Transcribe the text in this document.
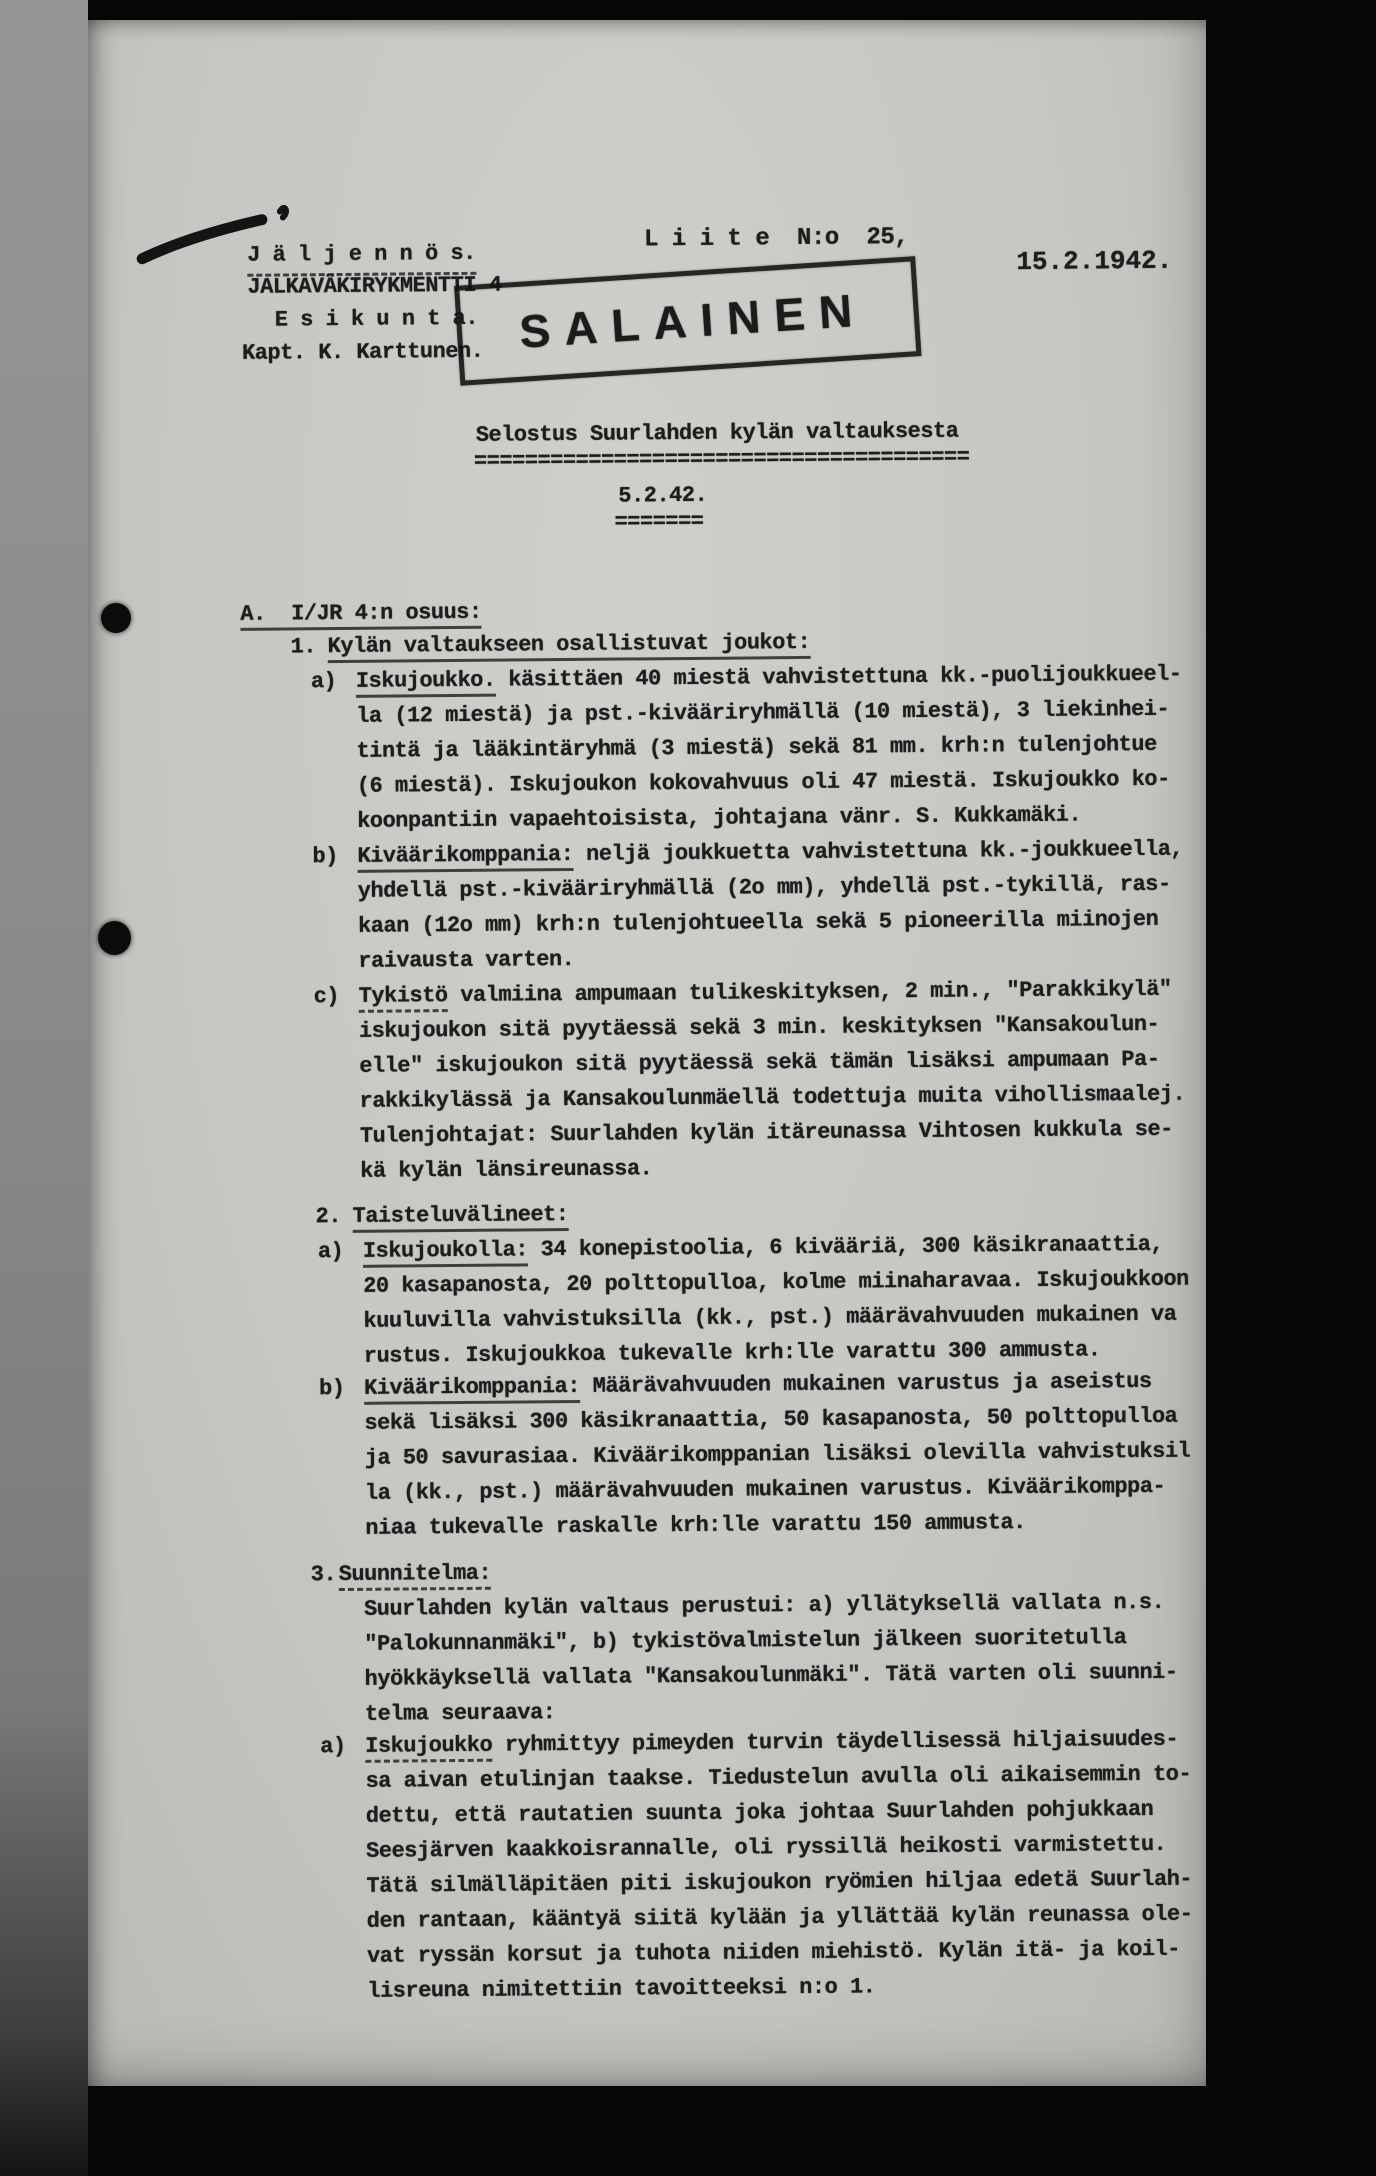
J ä l j e n n ö s.
JALKAVÄKIRYKMENTTI 4
E s i k u n t a.
Kapt. K. Karttunen.
L i i t e  N:o  25,
15.2.1942.
SALAINEN
Selostus Suurlahden kylän valtauksesta
=======================================
5.2.42.
=======
A.  I/JR 4:n osuus:
1. Kylän valtaukseen osallistuvat joukot:
a) Iskujoukko. käsittäen 40 miestä vahvistettuna kk.-puolijoukkueel-
la (12 miestä) ja pst.-kivääriryhmällä (10 miestä), 3 liekinhei-
tintä ja lääkintäryhmä (3 miestä) sekä 81 mm. krh:n tulenjohtue
(6 miestä). Iskujoukon kokovahvuus oli 47 miestä. Iskujoukko ko-
koonpantiin vapaehtoisista, johtajana vänr. S. Kukkamäki.
b) Kiväärikomppania: neljä joukkuetta vahvistettuna kk.-joukkueella,
yhdellä pst.-kivääriryhmällä (2o mm), yhdellä pst.-tykillä, ras-
kaan (12o mm) krh:n tulenjohtueella sekä 5 pioneerilla miinojen
raivausta varten.
c) Tykistö valmiina ampumaan tulikeskityksen, 2 min., "Parakkikylä"
iskujoukon sitä pyytäessä sekä 3 min. keskityksen "Kansakoulun-
elle" iskujoukon sitä pyytäessä sekä tämän lisäksi ampumaan Pa-
rakkikylässä ja Kansakoulunmäellä todettuja muita vihollismaalej.
Tulenjohtajat: Suurlahden kylän itäreunassa Vihtosen kukkula se-
kä kylän länsireunassa.
2. Taisteluvälineet:
a) Iskujoukolla: 34 konepistoolia, 6 kivääriä, 300 käsikranaattia,
20 kasapanosta, 20 polttopulloa, kolme miinaharavaa. Iskujoukkoon
kuuluvilla vahvistuksilla (kk., pst.) määrävahvuuden mukainen va
rustus. Iskujoukkoa tukevalle krh:lle varattu 300 ammusta.
b) Kiväärikomppania: Määrävahvuuden mukainen varustus ja aseistus
sekä lisäksi 300 käsikranaattia, 50 kasapanosta, 50 polttopulloa
ja 50 savurasiaa. Kiväärikomppanian lisäksi olevilla vahvistuksil
la (kk., pst.) määrävahvuuden mukainen varustus. Kiväärikomppa-
niaa tukevalle raskalle krh:lle varattu 150 ammusta.
3. Suunnitelma:
Suurlahden kylän valtaus perustui: a) yllätyksellä vallata n.s.
"Palokunnanmäki", b) tykistövalmistelun jälkeen suoritetulla
hyökkäyksellä vallata "Kansakoulunmäki". Tätä varten oli suunni-
telma seuraava:
a) Iskujoukko ryhmittyy pimeyden turvin täydellisessä hiljaisuudes-
sa aivan etulinjan taakse. Tiedustelun avulla oli aikaisemmin to-
dettu, että rautatien suunta joka johtaa Suurlahden pohjukkaan
Seesjärven kaakkoisrannalle, oli ryssillä heikosti varmistettu.
Tätä silmälläpitäen piti iskujoukon ryömien hiljaa edetä Suurlah-
den rantaan, kääntyä siitä kylään ja yllättää kylän reunassa ole-
vat ryssän korsut ja tuhota niiden miehistö. Kylän itä- ja koil-
lisreuna nimitettiin tavoitteeksi n:o 1.
